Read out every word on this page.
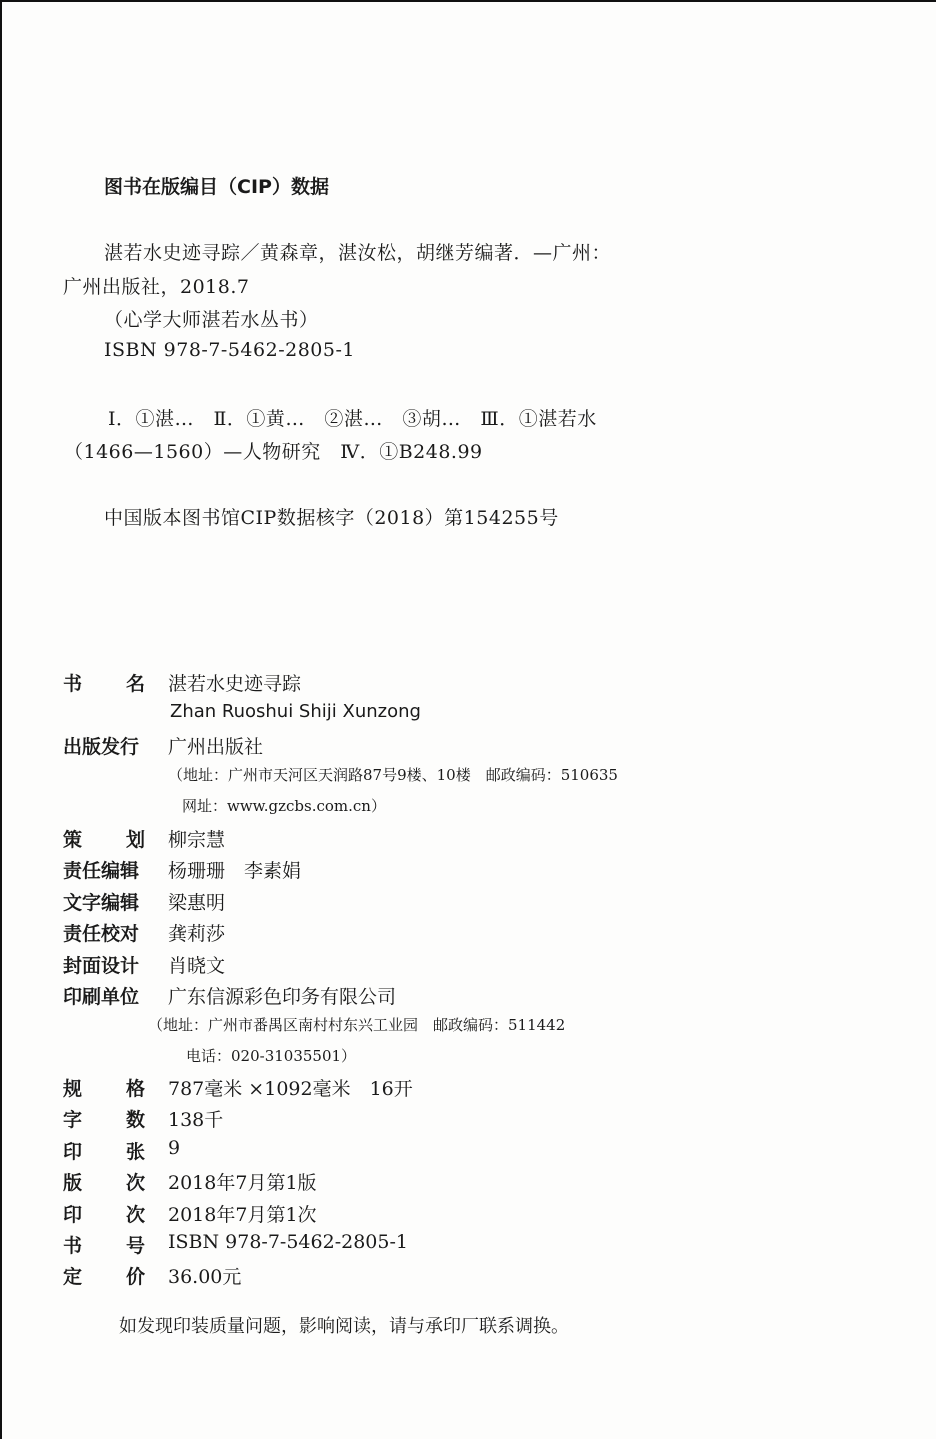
图书在版编目（CIP）数据
湛若水史迹寻踪／黄森章，湛汝松，胡继芳编著．—广州：
广州出版社，2018.7
（心学大师湛若水丛书）
ISBN 978-7-5462-2805-1
Ⅰ．①湛…　Ⅱ．①黄…　②湛…　③胡…　Ⅲ．①湛若水
（1466—1560）—人物研究　Ⅳ．①B248.99
中国版本图书馆CIP数据核字（2018）第154255号
书 名 湛若水史迹寻踪
Zhan Ruoshui Shiji Xunzong
出版发行 广州出版社
（地址：广州市天河区天润路87号9楼、10楼　邮政编码：510635
网址：www.gzcbs.com.cn）
策 划 柳宗慧
责任编辑 杨珊珊　李素娟
文字编辑 梁惠明
责任校对 龚莉莎
封面设计 肖晓文
印刷单位 广东信源彩色印务有限公司
（地址：广州市番禺区南村村东兴工业园　邮政编码：511442
电话：020-31035501）
规 格 787毫米 ×1092毫米　16开
字 数 138千
印 张 9
版 次 2018年7月第1版
印 次 2018年7月第1次
书 号 ISBN 978-7-5462-2805-1
定 价 36.00元
如发现印装质量问题，影响阅读，请与承印厂联系调换。
